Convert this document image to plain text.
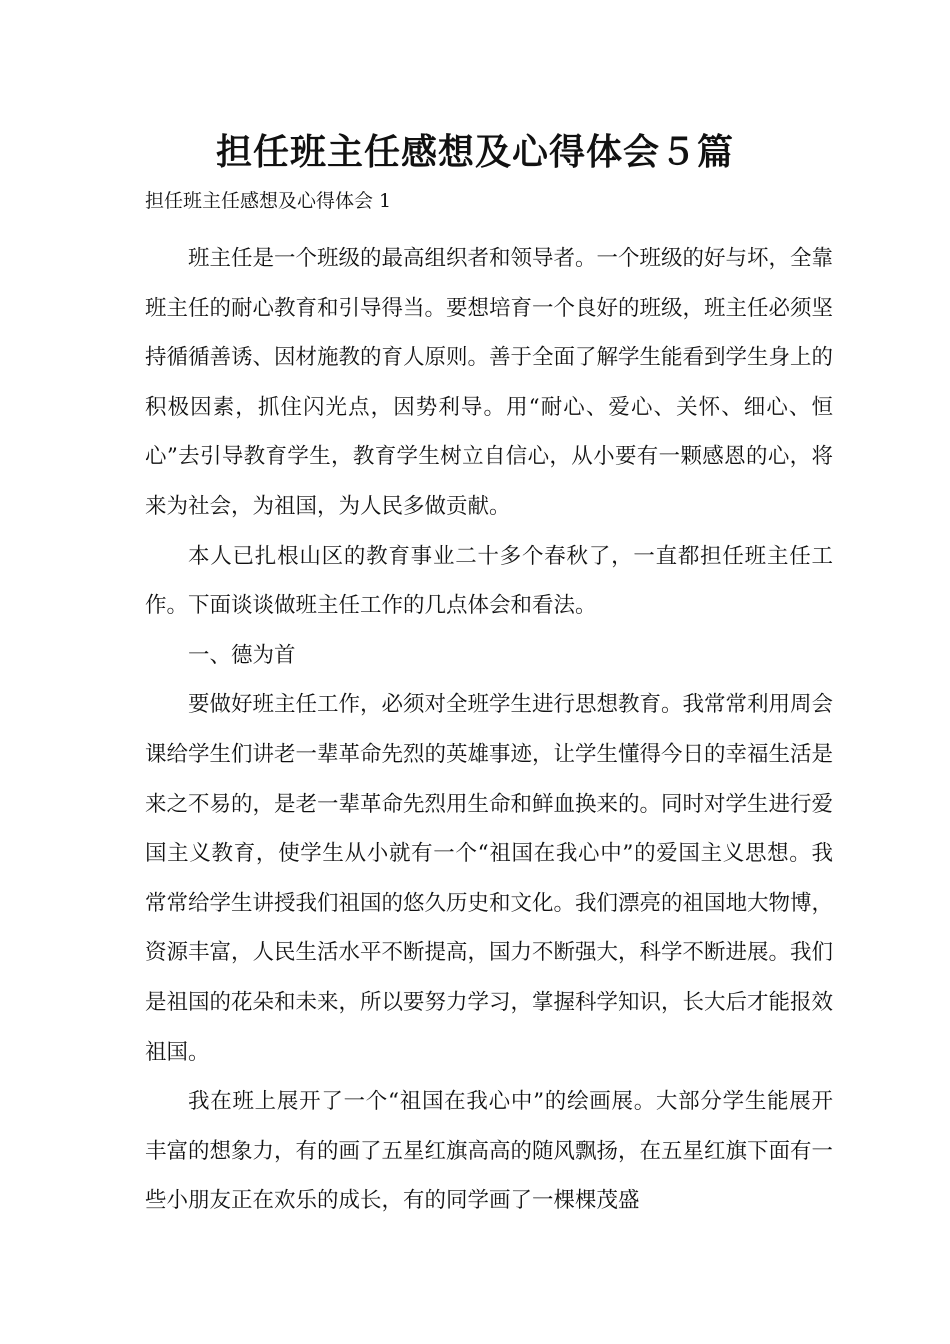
担任班主任感想及心得体会５篇
担任班主任感想及心得体会 1

班主任是一个班级的最高组织者和领导者。一个班级的好与坏，全靠班主任的耐心教育和引导得当。要想培育一个良好的班级，班主任必须坚持循循善诱、因材施教的育人原则。善于全面了解学生能看到学生身上的积极因素，抓住闪光点，因势利导。用“耐心、爱心、关怀、细心、恒心”去引导教育学生，教育学生树立自信心，从小要有一颗感恩的心，将来为社会，为祖国，为人民多做贡献。

本人已扎根山区的教育事业二十多个春秋了，一直都担任班主任工作。下面谈谈做班主任工作的几点体会和看法。

一、德为首

要做好班主任工作，必须对全班学生进行思想教育。我常常利用周会课给学生们讲老一辈革命先烈的英雄事迹，让学生懂得今日的幸福生活是来之不易的，是老一辈革命先烈用生命和鲜血换来的。同时对学生进行爱国主义教育，使学生从小就有一个“祖国在我心中”的爱国主义思想。我常常给学生讲授我们祖国的悠久历史和文化。我们漂亮的祖国地大物博，资源丰富，人民生活水平不断提高，国力不断强大，科学不断进展。我们是祖国的花朵和未来，所以要努力学习，掌握科学知识，长大后才能报效祖国。

我在班上展开了一个“祖国在我心中”的绘画展。大部分学生能展开丰富的想象力，有的画了五星红旗高高的随风飘扬，在五星红旗下面有一些小朋友正在欢乐的成长，有的同学画了一棵棵茂盛
